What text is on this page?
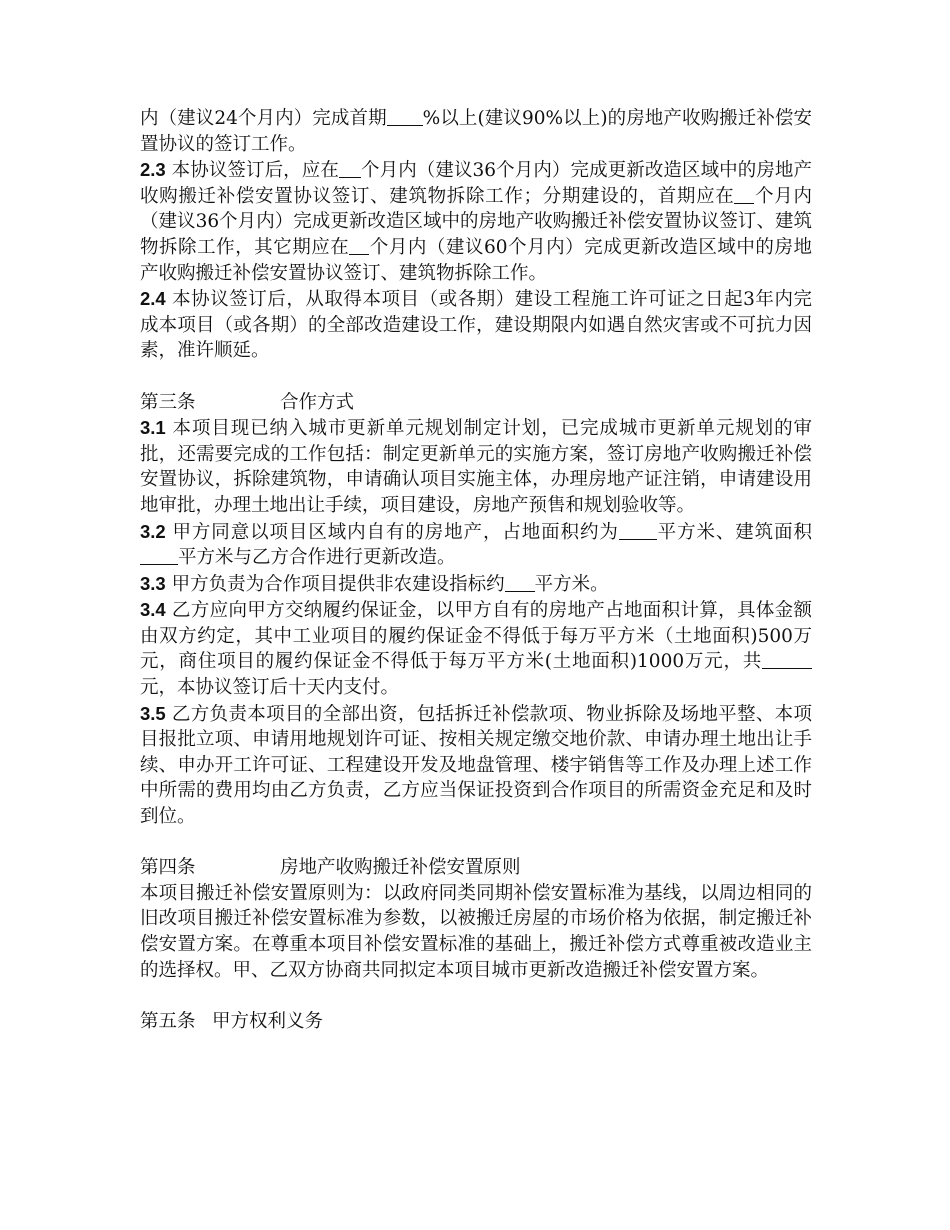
内（建议24个月内）完成首期 %以上(建议90%以上)的房地产收购搬迁补偿安置协议的签订工作。

2.3 本协议签订后，应在 个月内（建议36个月内）完成更新改造区域中的房地产收购搬迁补偿安置协议签订、建筑物拆除工作；分期建设的，首期应在 个月内（建议36个月内）完成更新改造区域中的房地产收购搬迁补偿安置协议签订、建筑物拆除工作，其它期应在 个月内（建议60个月内）完成更新改造区域中的房地产收购搬迁补偿安置协议签订、建筑物拆除工作。

2.4 本协议签订后，从取得本项目（或各期）建设工程施工许可证之日起3年内完成本项目（或各期）的全部改造建设工作，建设期限内如遇自然灾害或不可抗力因素，准许顺延。

第三条	合作方式

3.1 本项目现已纳入城市更新单元规划制定计划，已完成城市更新单元规划的审批，还需要完成的工作包括：制定更新单元的实施方案，签订房地产收购搬迁补偿安置协议，拆除建筑物，申请确认项目实施主体，办理房地产证注销，申请建设用地审批，办理土地出让手续，项目建设，房地产预售和规划验收等。

3.2 甲方同意以项目区域内自有的房地产，占地面积约为 平方米、建筑面积平方米与乙方合作进行更新改造。

3.3 甲方负责为合作项目提供非农建设指标约 平方米。

3.4 乙方应向甲方交纳履约保证金，以甲方自有的房地产占地面积计算，具体金额由双方约定，其中工业项目的履约保证金不得低于每万平方米（土地面积)500万元，商住项目的履约保证金不得低于每万平方米(土地面积)1000万元，共元，本协议签订后十天内支付。

3.5 乙方负责本项目的全部出资，包括拆迁补偿款项、物业拆除及场地平整、本项目报批立项、申请用地规划许可证、按相关规定缴交地价款、申请办理土地出让手续、申办开工许可证、工程建设开发及地盘管理、楼宇销售等工作及办理上述工作中所需的费用均由乙方负责，乙方应当保证投资到合作项目的所需资金充足和及时到位。

第四条	房地产收购搬迁补偿安置原则

本项目搬迁补偿安置原则为：以政府同类同期补偿安置标准为基线，以周边相同的旧改项目搬迁补偿安置标准为参数，以被搬迁房屋的市场价格为依据，制定搬迁补偿安置方案。在尊重本项目补偿安置标准的基础上，搬迁补偿方式尊重被改造业主的选择权。甲、乙双方协商共同拟定本项目城市更新改造搬迁补偿安置方案。

第五条 甲方权利义务
